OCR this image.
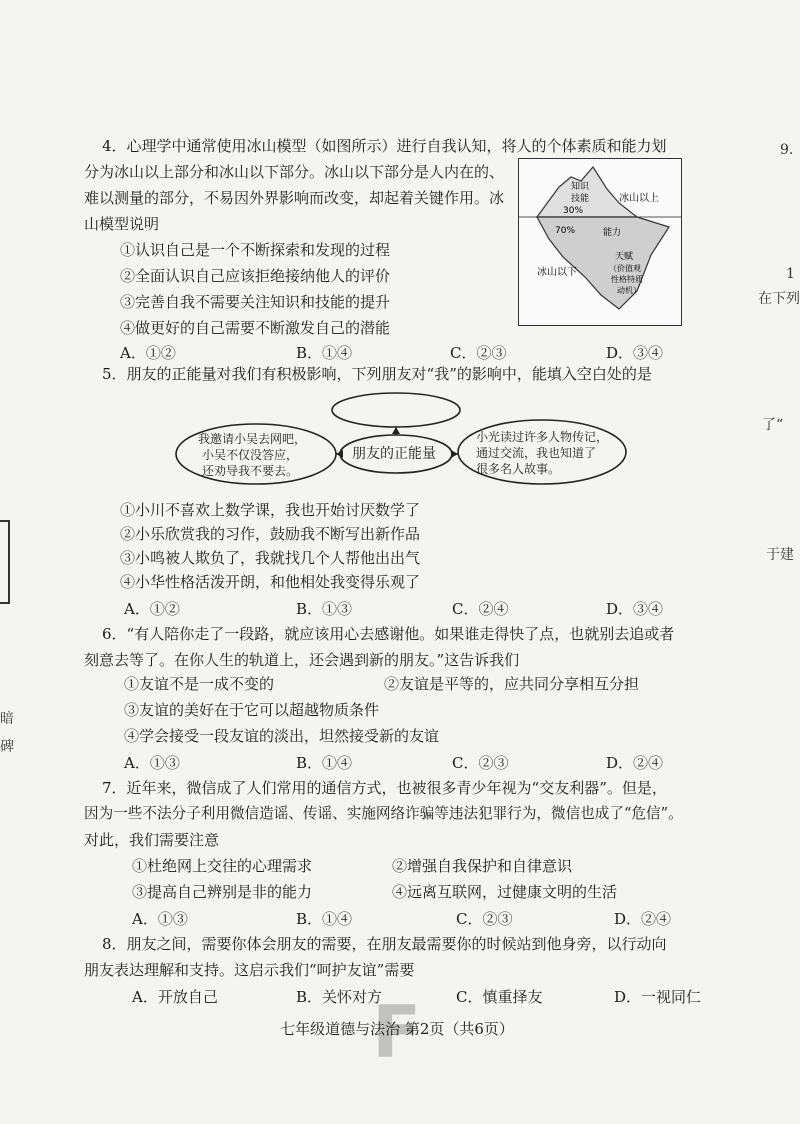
9.
1
在下列
了“
于建
暗
碑
4．心理学中通常使用冰山模型（如图所示）进行自我认知，将人的个体素质和能力划
分为冰山以上部分和冰山以下部分。冰山以下部分是人内在的、
难以测量的部分，不易因外界影响而改变，却起着关键作用。冰
山模型说明
①认识自己是一个不断探索和发现的过程
②全面认识自己应该拒绝接纳他人的评价
③完善自我不需要关注知识和技能的提升
④做更好的自己需要不断激发自己的潜能
A．①②	B．①④	C．②③	D．③④
知识
技能
30%
冰山以上
70%	能力
天赋
（价值观
性格特质
动机）
冰山以下
5．朋友的正能量对我们有积极影响，下列朋友对“我”的影响中，能填入空白处的是
我邀请小吴去网吧，
小吴不仅没答应，
还劝导我不要去。
朋友的正能量
小光读过许多人物传记，
通过交流，我也知道了
很多名人故事。
①小川不喜欢上数学课，我也开始讨厌数学了
②小乐欣赏我的习作，鼓励我不断写出新作品
③小鸣被人欺负了，我就找几个人帮他出出气
④小华性格活泼开朗，和他相处我变得乐观了
A．①②	B．①③	C．②④	D．③④
6．“有人陪你走了一段路，就应该用心去感谢他。如果谁走得快了点，也就别去追或者
刻意去等了。在你人生的轨道上，还会遇到新的朋友。”这告诉我们
①友谊不是一成不变的	②友谊是平等的，应共同分享相互分担
③友谊的美好在于它可以超越物质条件
④学会接受一段友谊的淡出，坦然接受新的友谊
A．①③	B．①④	C．②③	D．②④
7．近年来，微信成了人们常用的通信方式，也被很多青少年视为“交友利器”。但是，
因为一些不法分子利用微信造谣、传谣、实施网络诈骗等违法犯罪行为，微信也成了“危信”。
对此，我们需要注意
①杜绝网上交往的心理需求	②增强自我保护和自律意识
③提高自己辨别是非的能力	④远离互联网，过健康文明的生活
A．①③	B．①④	C．②③	D．②④
8．朋友之间，需要你体会朋友的需要，在朋友最需要你的时候站到他身旁，以行动向
朋友表达理解和支持。这启示我们“呵护友谊”需要
A．开放自己	B．关怀对方	C．慎重择友	D．一视同仁
F
七年级道德与法治 第2页（共6页）
